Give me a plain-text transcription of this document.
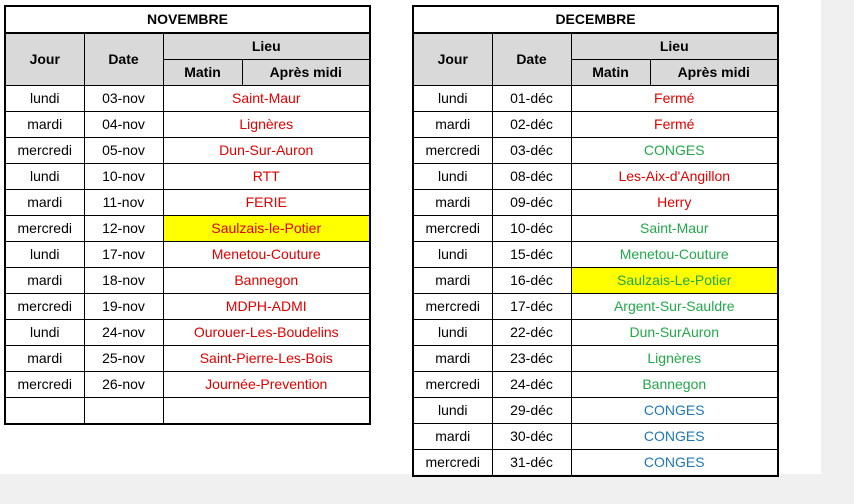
NOVEMBRE			
Jour	Date	Lieu	
		Matin	Après midi
lundi	03-nov	Saint-Maur	
mardi	04-nov	Lignères	
mercredi	05-nov	Dun-Sur-Auron	
lundi	10-nov	RTT	
mardi	11-nov	FERIE	
mercredi	12-nov	Saulzais-le-Potier	
lundi	17-nov	Menetou-Couture	
mardi	18-nov	Bannegon	
mercredi	19-nov	MDPH-ADMI	
lundi	24-nov	Ourouer-Les-Boudelins	
mardi	25-nov	Saint-Pierre-Les-Bois	
mercredi	26-nov	Journée-Prevention	

DECEMBRE			
Jour	Date	Lieu	
		Matin	Après midi
lundi	01-déc	Fermé	
mardi	02-déc	Fermé	
mercredi	03-déc	CONGES	
lundi	08-déc	Les-Aix-d'Angillon	
mardi	09-déc	Herry	
mercredi	10-déc	Saint-Maur	
lundi	15-déc	Menetou-Couture	
mardi	16-déc	Saulzais-Le-Potier	
mercredi	17-déc	Argent-Sur-Sauldre	
lundi	22-déc	Dun-SurAuron	
mardi	23-déc	Lignères	
mercredi	24-déc	Bannegon	
lundi	29-déc	CONGES	
mardi	30-déc	CONGES	
mercredi	31-déc	CONGES	
